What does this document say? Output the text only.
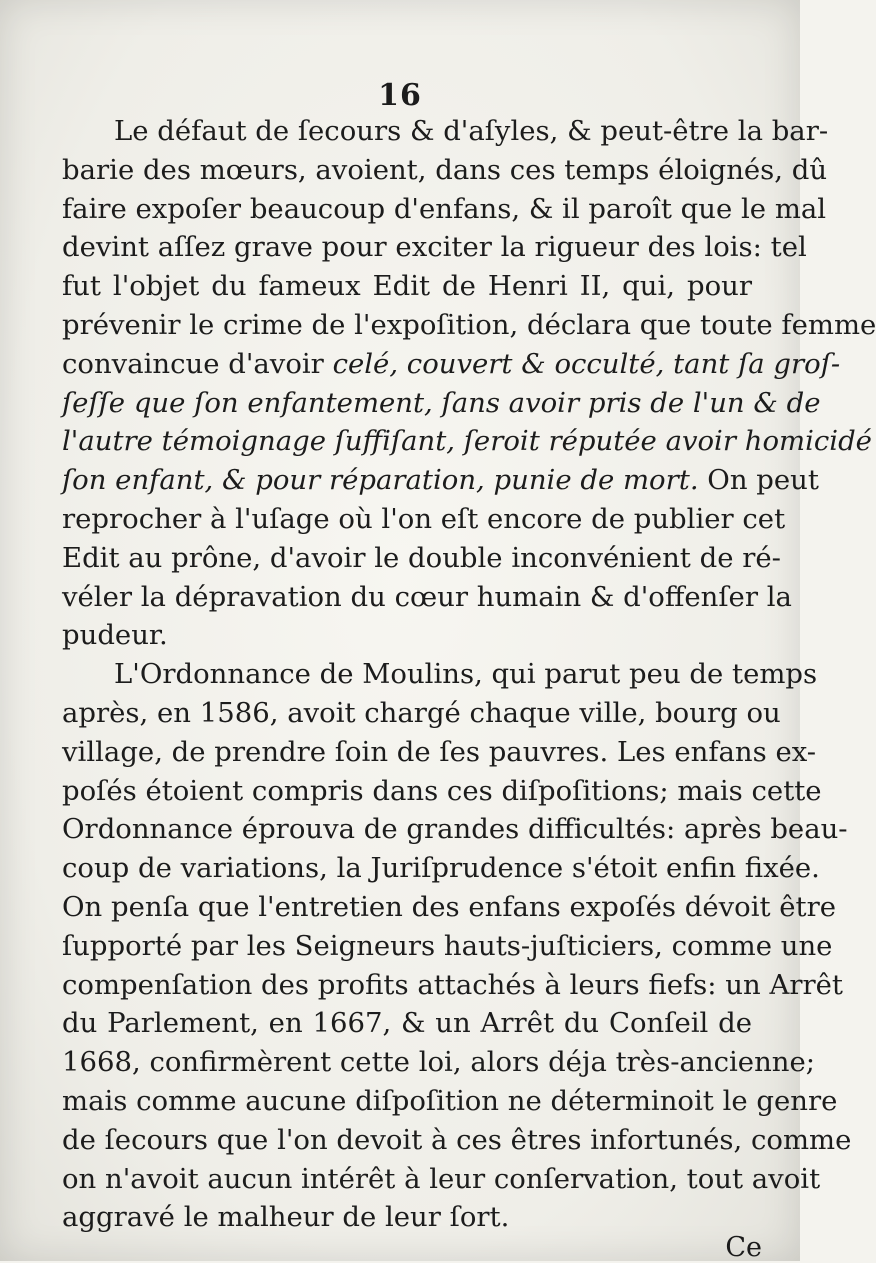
16
Le défaut de ſecours & d'aſyles, & peut-être la bar-
barie des mœurs, avoient, dans ces temps éloignés, dû
faire expoſer beaucoup d'enfans, & il paroît que le mal
devint aſſez grave pour exciter la rigueur des lois: tel
fut l'objet du fameux Edit de Henri II, qui, pour
prévenir le crime de l'expoſition, déclara que toute femme
convaincue d'avoir celé, couvert & occulté, tant ſa groſ-
ſeſſe que ſon enfantement, ſans avoir pris de l'un & de
l'autre témoignage ſuffiſant, ſeroit réputée avoir homicidé
ſon enfant, & pour réparation, punie de mort. On peut
reprocher à l'uſage où l'on eſt encore de publier cet
Edit au prône, d'avoir le double inconvénient de ré-
véler la dépravation du cœur humain & d'offenſer la
pudeur.
L'Ordonnance de Moulins, qui parut peu de temps
après, en 1586, avoit chargé chaque ville, bourg ou
village, de prendre ſoin de ſes pauvres. Les enfans ex-
poſés étoient compris dans ces diſpoſitions; mais cette
Ordonnance éprouva de grandes difficultés: après beau-
coup de variations, la Juriſprudence s'étoit enfin fixée.
On penſa que l'entretien des enfans expoſés dévoit être
ſupporté par les Seigneurs hauts-juſticiers, comme une
compenſation des profits attachés à leurs fiefs: un Arrêt
du Parlement, en 1667, & un Arrêt du Conſeil de
1668, confirmèrent cette loi, alors déja très-ancienne;
mais comme aucune diſpoſition ne déterminoit le genre
de ſecours que l'on devoit à ces êtres infortunés, comme
on n'avoit aucun intérêt à leur conſervation, tout avoit
aggravé le malheur de leur ſort.
Ce
